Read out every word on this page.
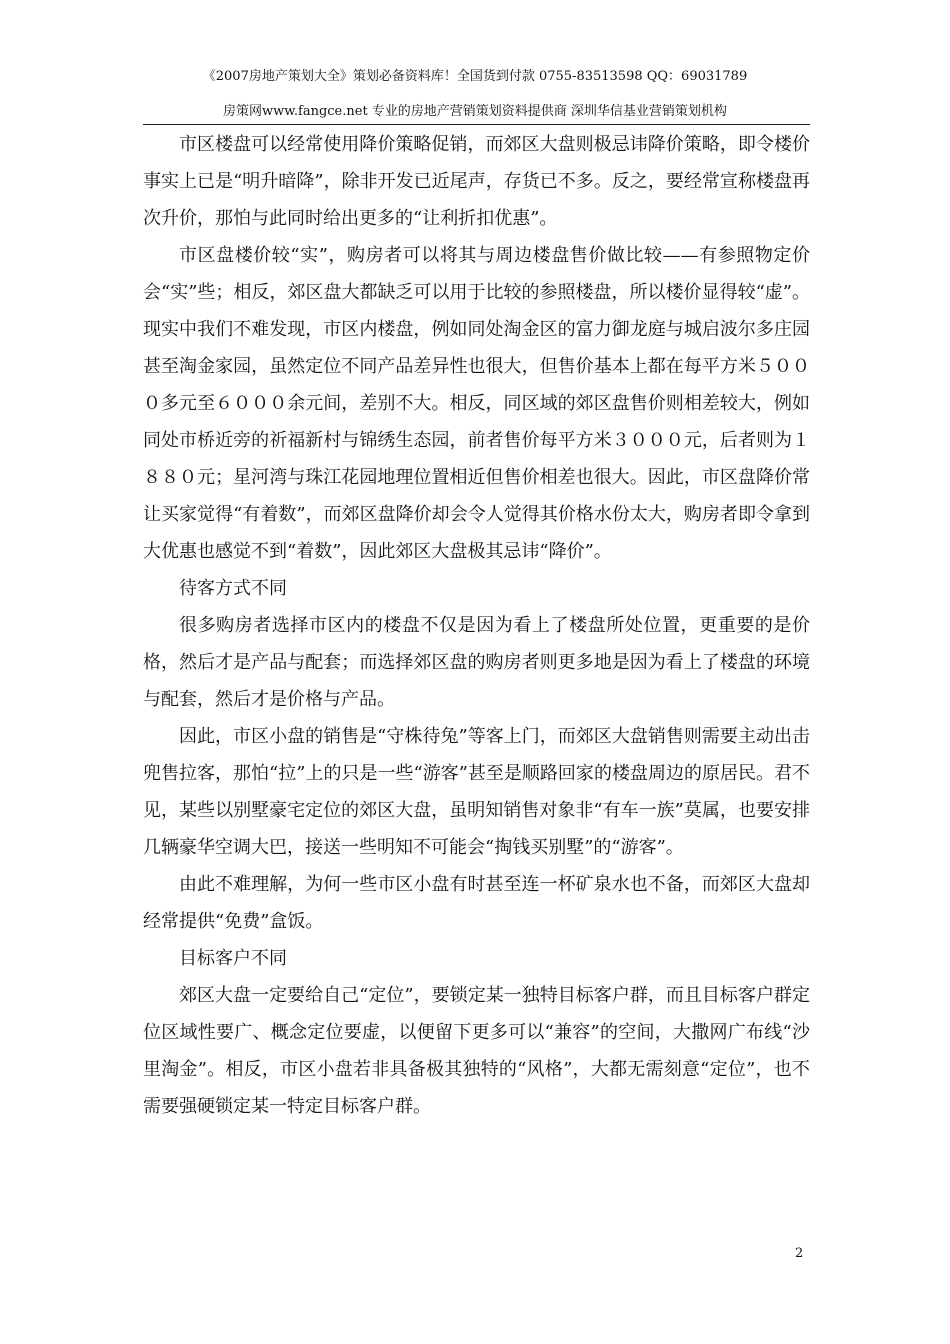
《2007房地产策划大全》策划必备资料库！全国货到付款 0755-83513598 QQ：69031789
房策网www.fangce.net 专业的房地产营销策划资料提供商 深圳华信基业营销策划机构

市区楼盘可以经常使用降价策略促销，而郊区大盘则极忌讳降价策略，即令楼价事实上已是“明升暗降”，除非开发已近尾声，存货已不多。反之，要经常宣称楼盘再次升价，那怕与此同时给出更多的“让利折扣优惠”。

市区盘楼价较“实”，购房者可以将其与周边楼盘售价做比较——有参照物定价会“实”些；相反，郊区盘大都缺乏可以用于比较的参照楼盘，所以楼价显得较“虚”。现实中我们不难发现，市区内楼盘，例如同处淘金区的富力御龙庭与城启波尔多庄园甚至淘金家园，虽然定位不同产品差异性也很大，但售价基本上都在每平方米５０００多元至６０００余元间，差别不大。相反，同区域的郊区盘售价则相差较大，例如同处市桥近旁的祈福新村与锦绣生态园，前者售价每平方米３０００元，后者则为１８８０元；星河湾与珠江花园地理位置相近但售价相差也很大。因此，市区盘降价常让买家觉得“有着数”，而郊区盘降价却会令人觉得其价格水份太大，购房者即令拿到大优惠也感觉不到“着数”，因此郊区大盘极其忌讳“降价”。

待客方式不同

很多购房者选择市区内的楼盘不仅是因为看上了楼盘所处位置，更重要的是价格，然后才是产品与配套；而选择郊区盘的购房者则更多地是因为看上了楼盘的环境与配套，然后才是价格与产品。

因此，市区小盘的销售是“守株待兔”等客上门，而郊区大盘销售则需要主动出击兜售拉客，那怕“拉”上的只是一些“游客”甚至是顺路回家的楼盘周边的原居民。君不见，某些以别墅豪宅定位的郊区大盘，虽明知销售对象非“有车一族”莫属，也要安排几辆豪华空调大巴，接送一些明知不可能会“掏钱买别墅”的“游客”。

由此不难理解，为何一些市区小盘有时甚至连一杯矿泉水也不备，而郊区大盘却经常提供“免费”盒饭。

目标客户不同

郊区大盘一定要给自己“定位”，要锁定某一独特目标客户群，而且目标客户群定位区域性要广、概念定位要虚，以便留下更多可以“兼容”的空间，大撒网广布线“沙里淘金”。相反，市区小盘若非具备极其独特的“风格”，大都无需刻意“定位”，也不需要强硬锁定某一特定目标客户群。

2
